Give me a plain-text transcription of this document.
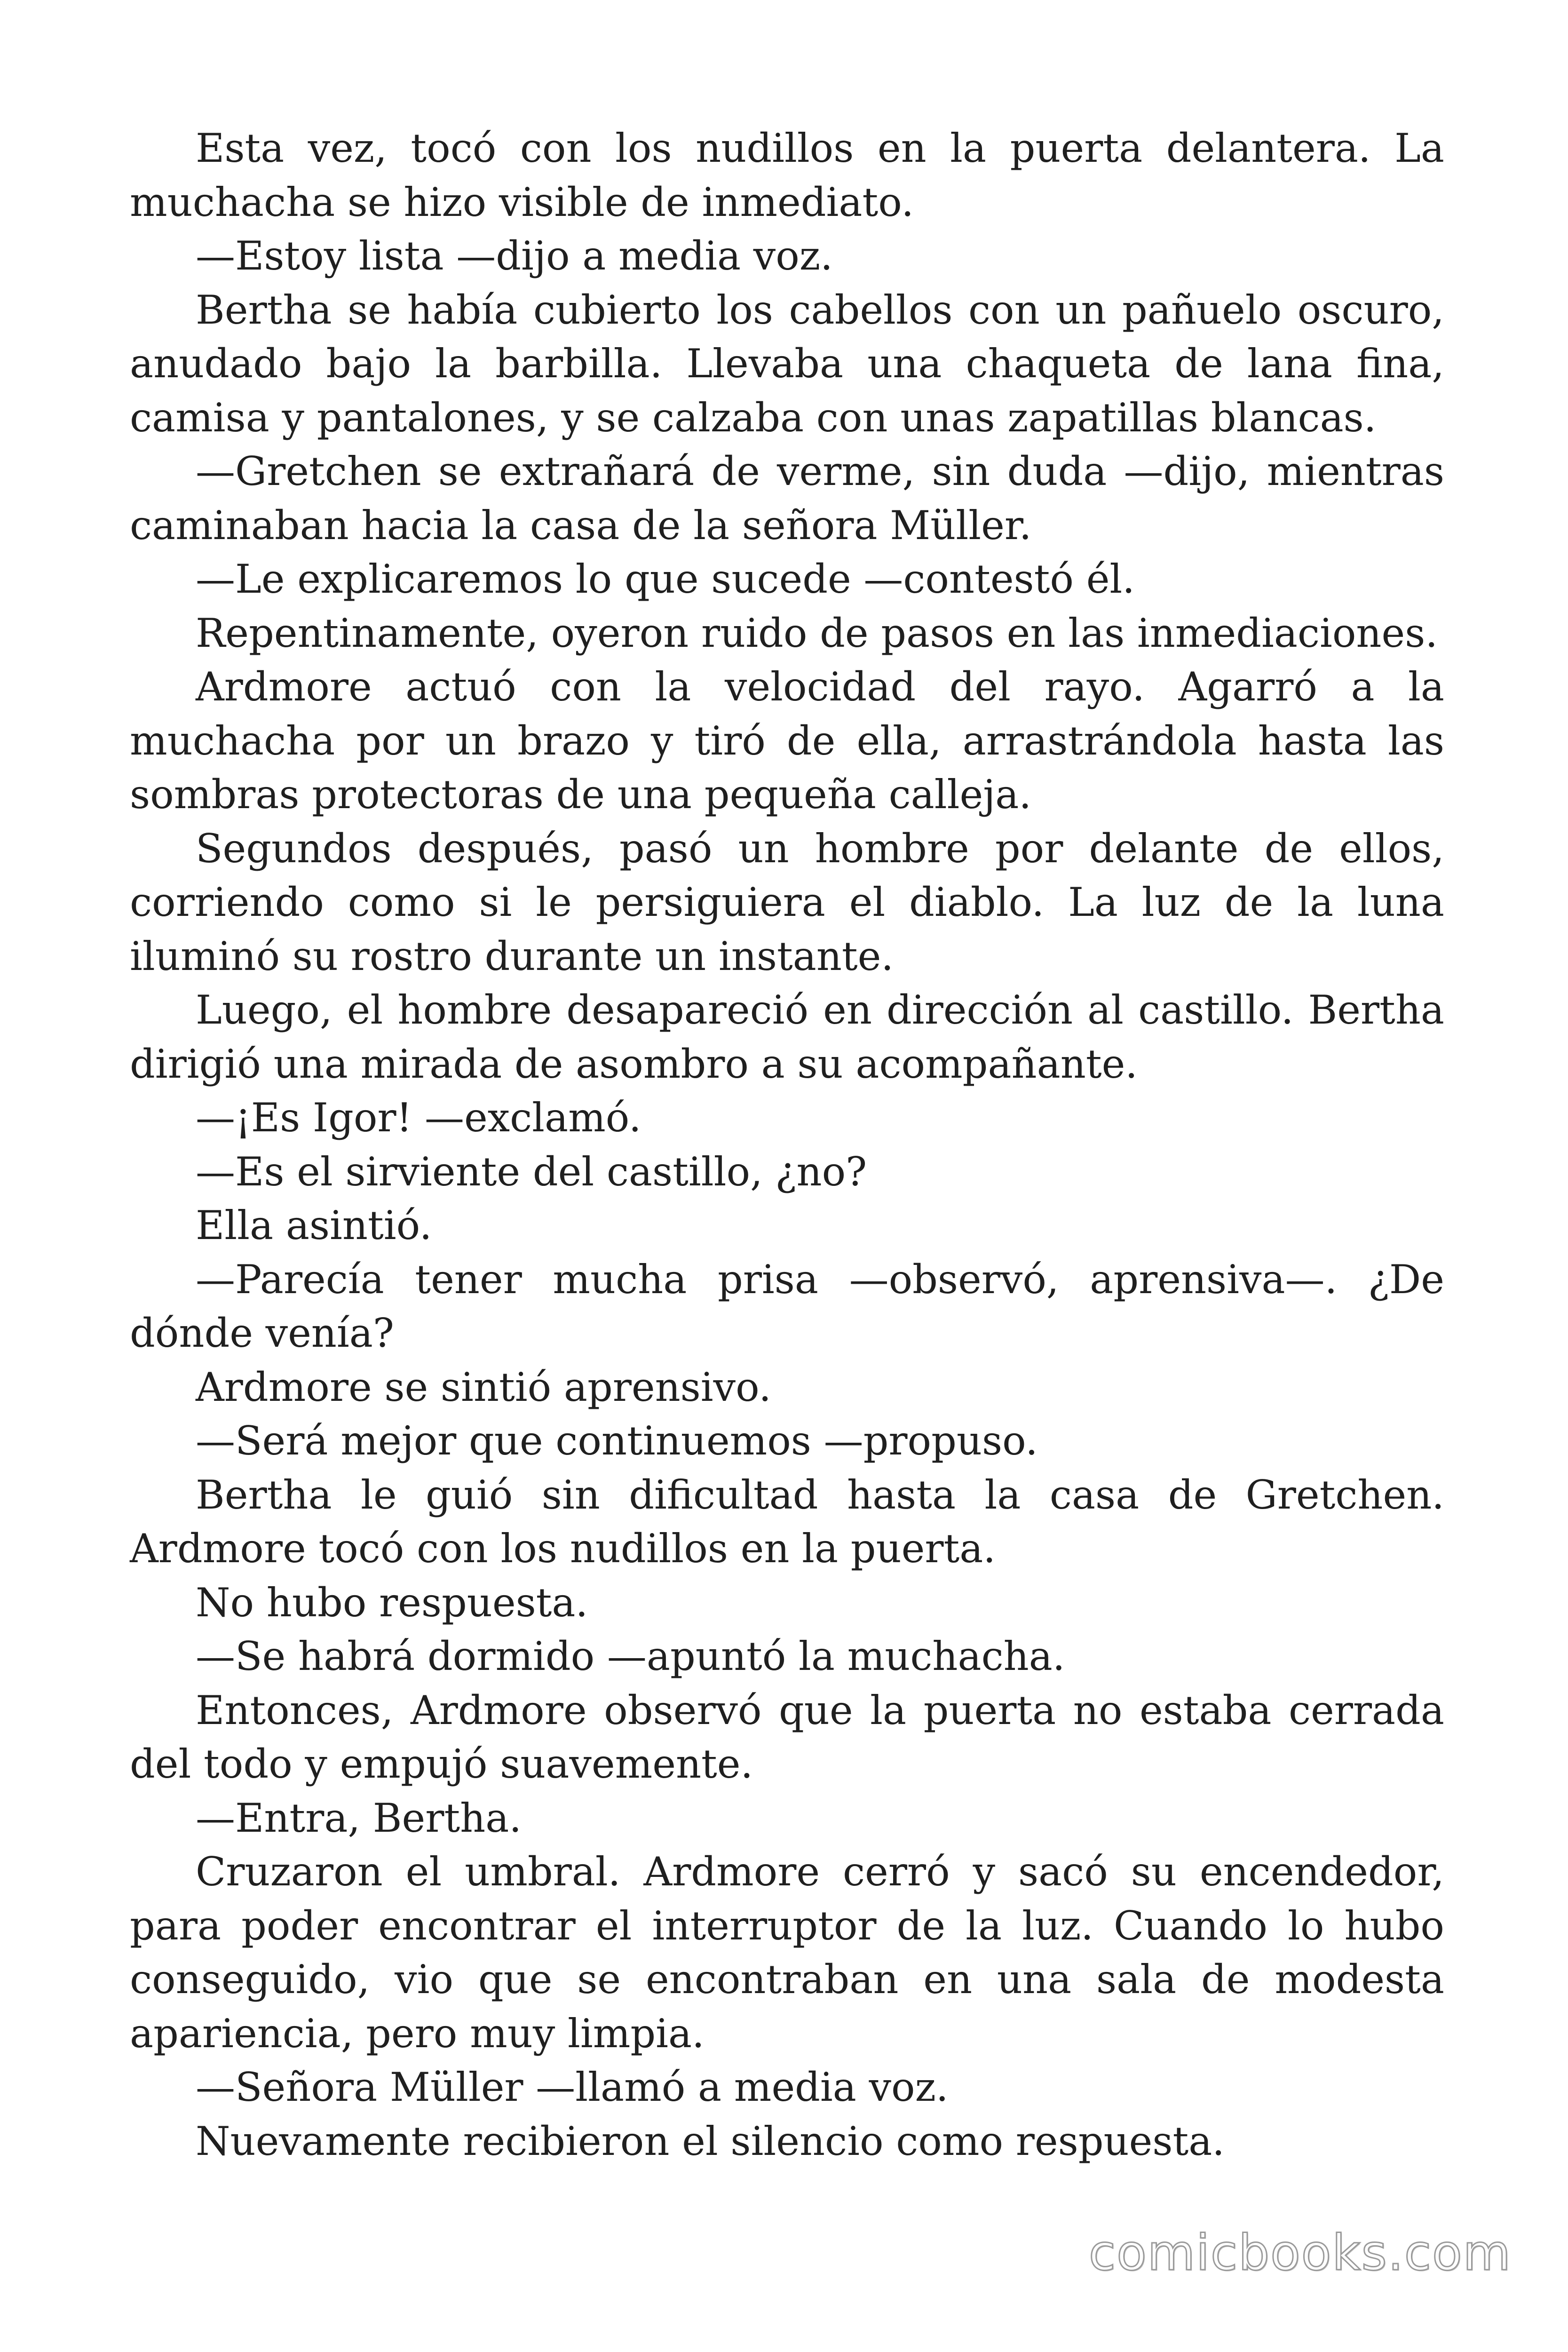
Esta vez, tocó con los nudillos en la puerta delantera. La muchacha se hizo visible de inmediato.

—Estoy lista —dijo a media voz.

Bertha se había cubierto los cabellos con un pañuelo oscuro, anudado bajo la barbilla. Llevaba una chaqueta de lana fina, camisa y pantalones, y se calzaba con unas zapatillas blancas.

—Gretchen se extrañará de verme, sin duda —dijo, mientras caminaban hacia la casa de la señora Müller.

—Le explicaremos lo que sucede —contestó él.

Repentinamente, oyeron ruido de pasos en las inmediaciones.

Ardmore actuó con la velocidad del rayo. Agarró a la muchacha por un brazo y tiró de ella, arrastrándola hasta las sombras protectoras de una pequeña calleja.

Segundos después, pasó un hombre por delante de ellos, corriendo como si le persiguiera el diablo. La luz de la luna iluminó su rostro durante un instante.

Luego, el hombre desapareció en dirección al castillo. Bertha dirigió una mirada de asombro a su acompañante.

—¡Es Igor! —exclamó.

—Es el sirviente del castillo, ¿no?

Ella asintió.

—Parecía tener mucha prisa —observó, aprensiva—. ¿De dónde venía?

Ardmore se sintió aprensivo.

—Será mejor que continuemos —propuso.

Bertha le guió sin dificultad hasta la casa de Gretchen. Ardmore tocó con los nudillos en la puerta.

No hubo respuesta.

—Se habrá dormido —apuntó la muchacha.

Entonces, Ardmore observó que la puerta no estaba cerrada del todo y empujó suavemente.

—Entra, Bertha.

Cruzaron el umbral. Ardmore cerró y sacó su encendedor, para poder encontrar el interruptor de la luz. Cuando lo hubo conseguido, vio que se encontraban en una sala de modesta apariencia, pero muy limpia.

—Señora Müller —llamó a media voz.

Nuevamente recibieron el silencio como respuesta.

comicbooks.com
